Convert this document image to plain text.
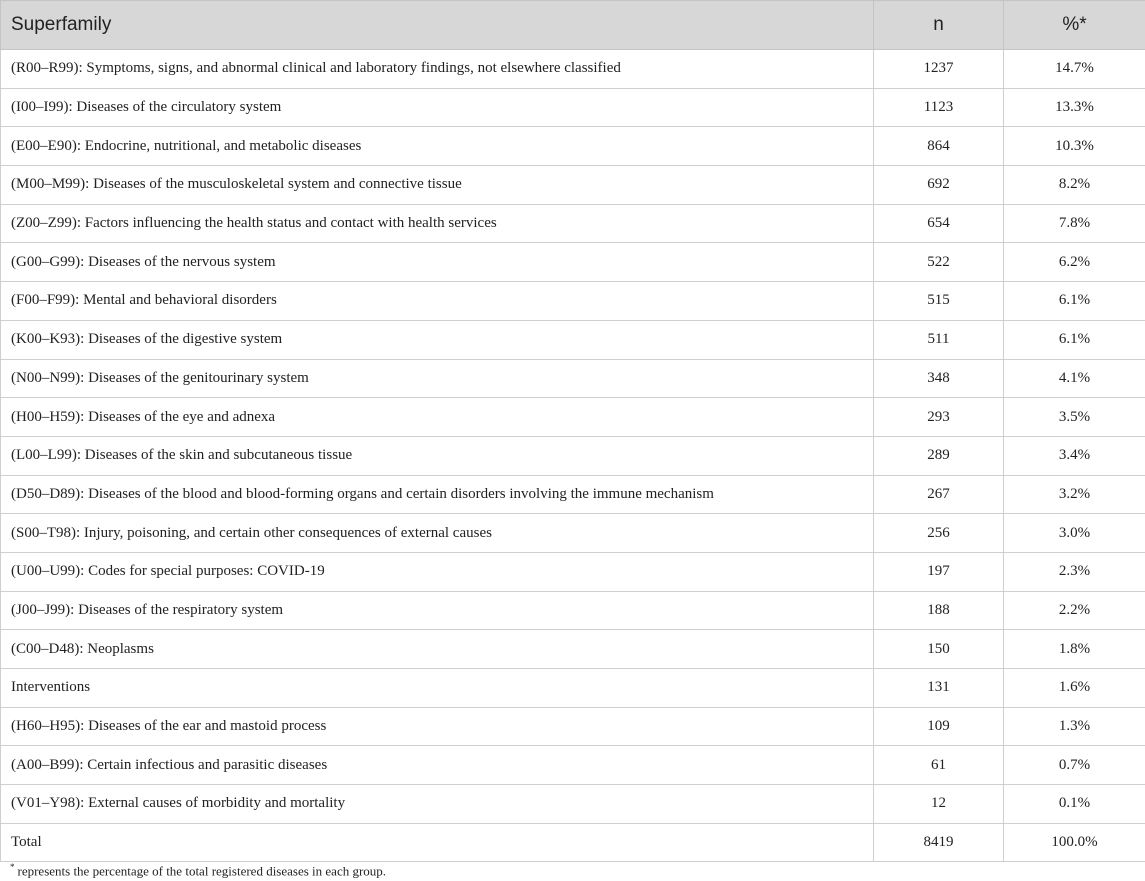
Superfamily	n	%*
(R00–R99): Symptoms, signs, and abnormal clinical and laboratory findings, not elsewhere classified	1237	14.7%
(I00–I99): Diseases of the circulatory system	1123	13.3%
(E00–E90): Endocrine, nutritional, and metabolic diseases	864	10.3%
(M00–M99): Diseases of the musculoskeletal system and connective tissue	692	8.2%
(Z00–Z99): Factors influencing the health status and contact with health services	654	7.8%
(G00–G99): Diseases of the nervous system	522	6.2%
(F00–F99): Mental and behavioral disorders	515	6.1%
(K00–K93): Diseases of the digestive system	511	6.1%
(N00–N99): Diseases of the genitourinary system	348	4.1%
(H00–H59): Diseases of the eye and adnexa	293	3.5%
(L00–L99): Diseases of the skin and subcutaneous tissue	289	3.4%
(D50–D89): Diseases of the blood and blood-forming organs and certain disorders involving the immune mechanism	267	3.2%
(S00–T98): Injury, poisoning, and certain other consequences of external causes	256	3.0%
(U00–U99): Codes for special purposes: COVID-19	197	2.3%
(J00–J99): Diseases of the respiratory system	188	2.2%
(C00–D48): Neoplasms	150	1.8%
Interventions	131	1.6%
(H60–H95): Diseases of the ear and mastoid process	109	1.3%
(A00–B99): Certain infectious and parasitic diseases	61	0.7%
(V01–Y98): External causes of morbidity and mortality	12	0.1%
Total	8419	100.0%
* represents the percentage of the total registered diseases in each group.
